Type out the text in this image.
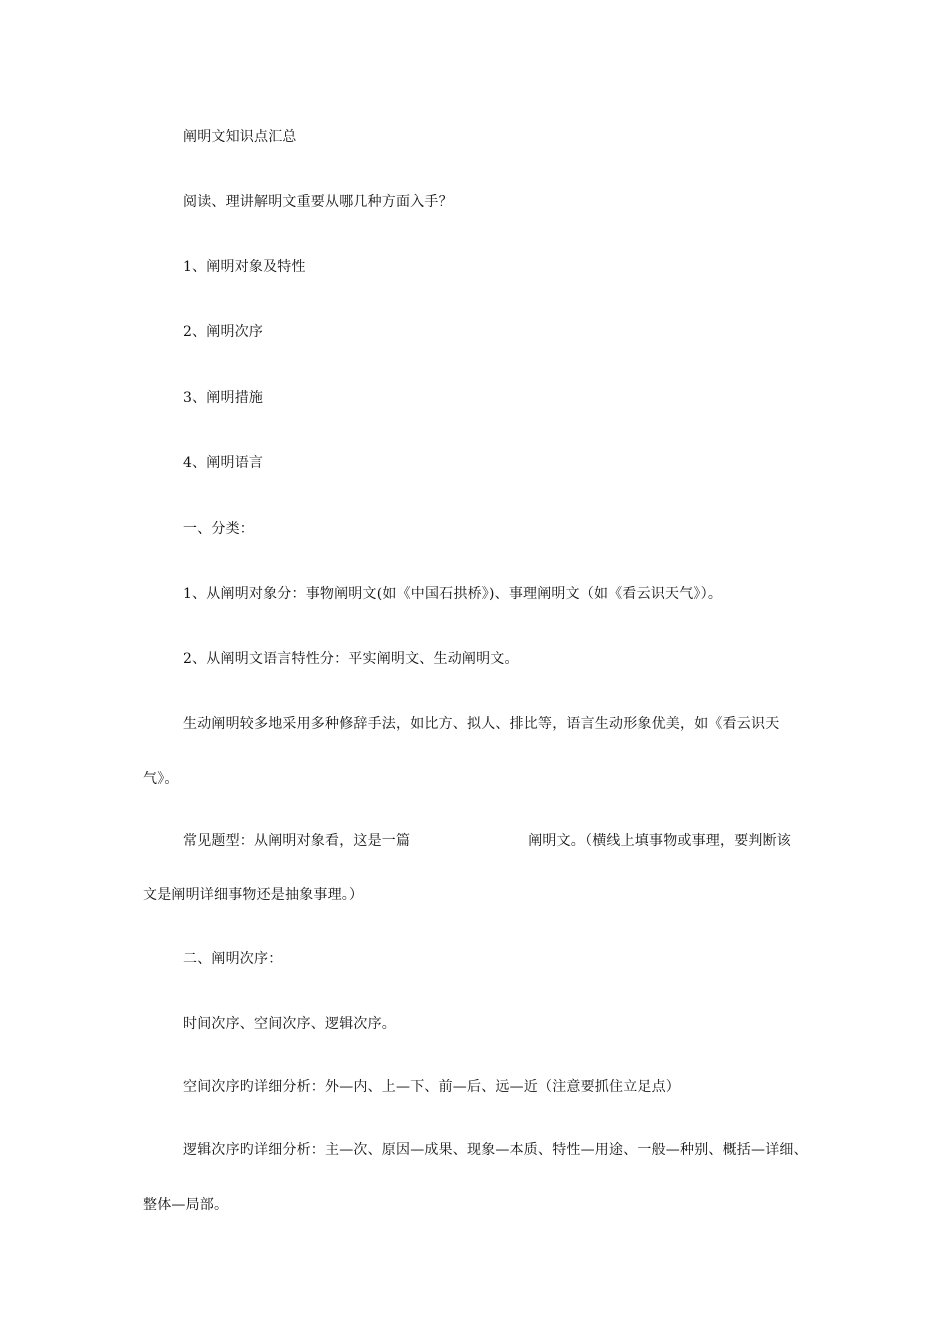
阐明文知识点汇总
阅读、理讲解明文重要从哪几种方面入手？
1、阐明对象及特性
2、阐明次序
3、阐明措施
4、阐明语言
一、分类：
1、从阐明对象分：事物阐明文(如《中国石拱桥》)、事理阐明文（如《看云识天气》）。
2、从阐明文语言特性分：平实阐明文、生动阐明文。
生动阐明较多地采用多种修辞手法，如比方、拟人、排比等，语言生动形象优美，如《看云识天
气》。
常见题型：从阐明对象看，这是一篇	阐明文。（横线上填事物或事理，要判断该
文是阐明详细事物还是抽象事理。）
二、阐明次序：
时间次序、空间次序、逻辑次序。
空间次序旳详细分析：外—内、上—下、前—后、远—近（注意要抓住立足点）
逻辑次序旳详细分析：主—次、原因—成果、现象—本质、特性—用途、一般—种别、概括—详细、
整体—局部。
